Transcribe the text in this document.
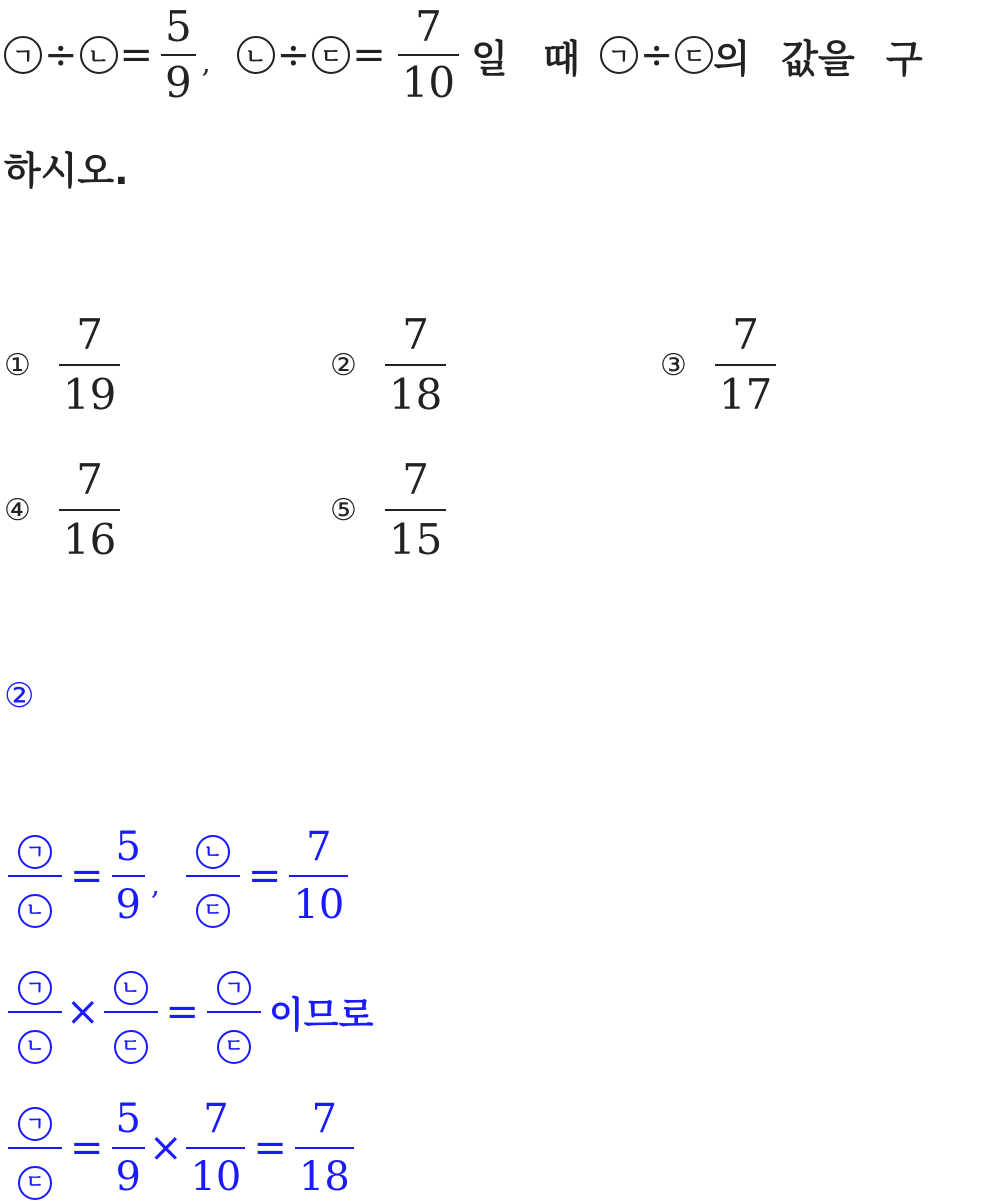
ㄱ ÷ ㄴ = $\frac{5}{9}$ ,	ㄴ ÷ ㄷ = $\frac{7}{10}$ 일 때	ㄱ ÷ ㄷ 의 값을 구
하시오.
① $\frac{7}{19}$	② $\frac{7}{18}$	③ $\frac{7}{17}$
④ $\frac{7}{16}$	⑤ $\frac{7}{15}$
②
$\frac{\text{ㄱ}}{\text{ㄴ}} = \frac{5}{9}$ , $\frac{\text{ㄴ}}{\text{ㄷ}} = \frac{7}{10}$
$\frac{\text{ㄱ}}{\text{ㄴ}} \times \frac{\text{ㄴ}}{\text{ㄷ}} = \frac{\text{ㄱ}}{\text{ㄷ}}$ 이므로
$\frac{\text{ㄱ}}{\text{ㄷ}} = \frac{5}{9} \times \frac{7}{10} = \frac{7}{18}$
